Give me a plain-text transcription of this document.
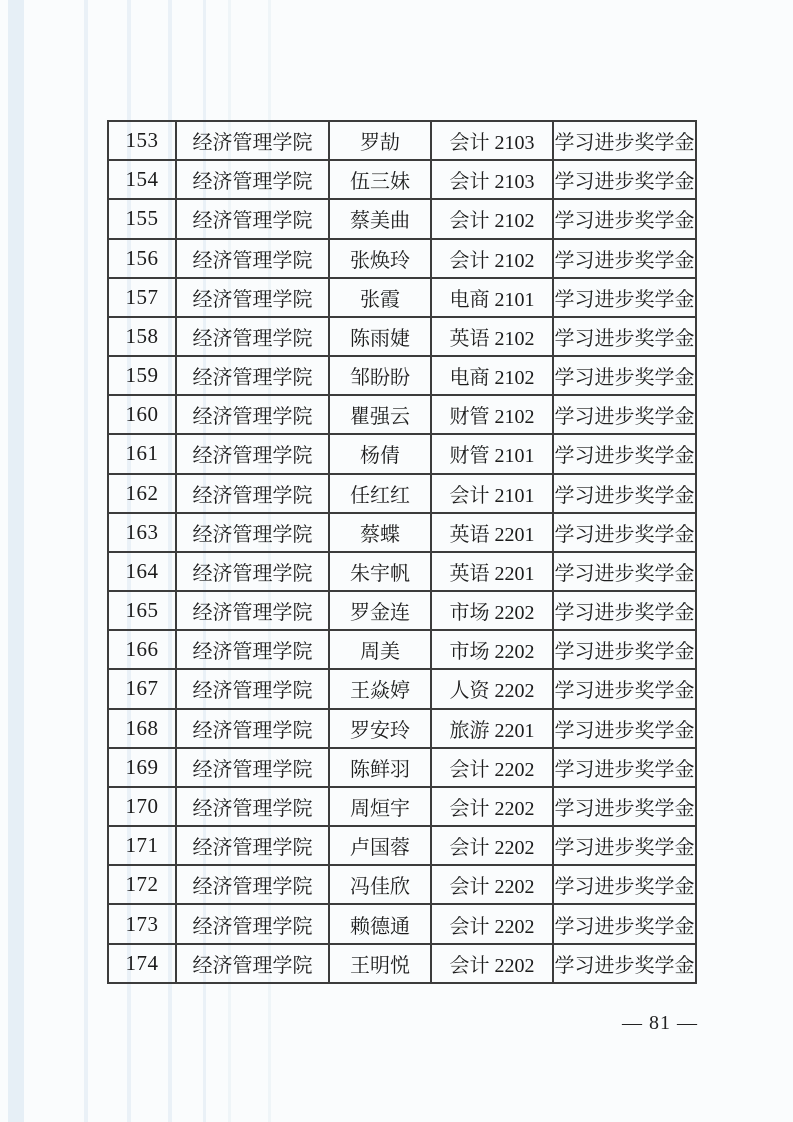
153	经济管理学院	罗劼	会计 2103	学习进步奖学金
154	经济管理学院	伍三妹	会计 2103	学习进步奖学金
155	经济管理学院	蔡美曲	会计 2102	学习进步奖学金
156	经济管理学院	张焕玲	会计 2102	学习进步奖学金
157	经济管理学院	张霞	电商 2101	学习进步奖学金
158	经济管理学院	陈雨婕	英语 2102	学习进步奖学金
159	经济管理学院	邹盼盼	电商 2102	学习进步奖学金
160	经济管理学院	瞿强云	财管 2102	学习进步奖学金
161	经济管理学院	杨倩	财管 2101	学习进步奖学金
162	经济管理学院	任红红	会计 2101	学习进步奖学金
163	经济管理学院	蔡蝶	英语 2201	学习进步奖学金
164	经济管理学院	朱宇帆	英语 2201	学习进步奖学金
165	经济管理学院	罗金连	市场 2202	学习进步奖学金
166	经济管理学院	周美	市场 2202	学习进步奖学金
167	经济管理学院	王焱婷	人资 2202	学习进步奖学金
168	经济管理学院	罗安玲	旅游 2201	学习进步奖学金
169	经济管理学院	陈鲜羽	会计 2202	学习进步奖学金
170	经济管理学院	周烜宇	会计 2202	学习进步奖学金
171	经济管理学院	卢国蓉	会计 2202	学习进步奖学金
172	经济管理学院	冯佳欣	会计 2202	学习进步奖学金
173	经济管理学院	赖德通	会计 2202	学习进步奖学金
174	经济管理学院	王明悦	会计 2202	学习进步奖学金
— 81 —
